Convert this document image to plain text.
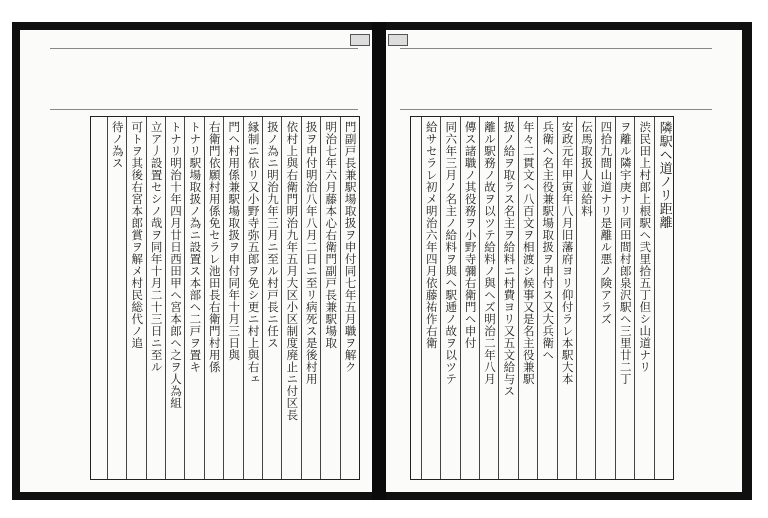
門副戸長兼駅場取扱ヲ申付同七年五月職ヲ解ク
明治七年六月藤本心右衛門副戸長兼駅場取
扱ヲ申付明治八年八月二日ニ至リ病死ス是後村用
依村上與右衛門明治九年五月大区小区制度廃止ニ付区長
扱ノ為ニ明治九年三月ニ至ル村戸長ニ任ス
縁制ニ依リ又小野寺弥五郎ヲ免シ更ニ村上與右ェ
門ヘ村用係兼駅場取扱ヲ申付同年十月三日與
右衛門依願村用係免セラレ池田長右衛門村用係
トナリ駅場取扱ノ為ニ設置ス本部ヘ二戸ヲ置キ
トナリ明治十年四月廿日西田甲ヘ宮本郎ヘ之ヲ人為組
立ア丿設置セシノ哉ヲ同年十月二十三日ニ至ル
可トヲ其後右宮本郎賞ヲ解メ村民総代ノ追
待ノ為ス	隣駅ヘ道ノリ距離
渋民田上村郎上根駅ヘ弐里拾五丁但シ山道ナリ
ヲ離ル隣宇庚ナリ同田間村郎泉沢駅ヘ三里廿二丁
四拾九間山道ナリ是離ル悪ノ険アラズ
伝馬取扱人並給料
安政元年甲寅年八月旧藩府ヨリ仰付ラレ本駅大本
兵衛ヘ名主役兼駅場取扱ヲ申付ス又大兵衛ヘ
年々二貫文ヘ八百文ヲ相渡シ候事又是名主役兼駅
扱ノ給ヲ取ラス名主ヲ給料ニ村費ヨリ又五文給与ス
離ル駅務ノ故ヲ以ツテ給料ノ與ヘズ明治二年八月
傳ス諸職ノ其役務ヲ小野寺彌右衛門ヘ申付
同六年三月ノ名主ノ給料ヲ與ヘ駅逓ノ故ヲ以ツテ
給サセラレ初メ明治六年四月依藤祐作右衛
